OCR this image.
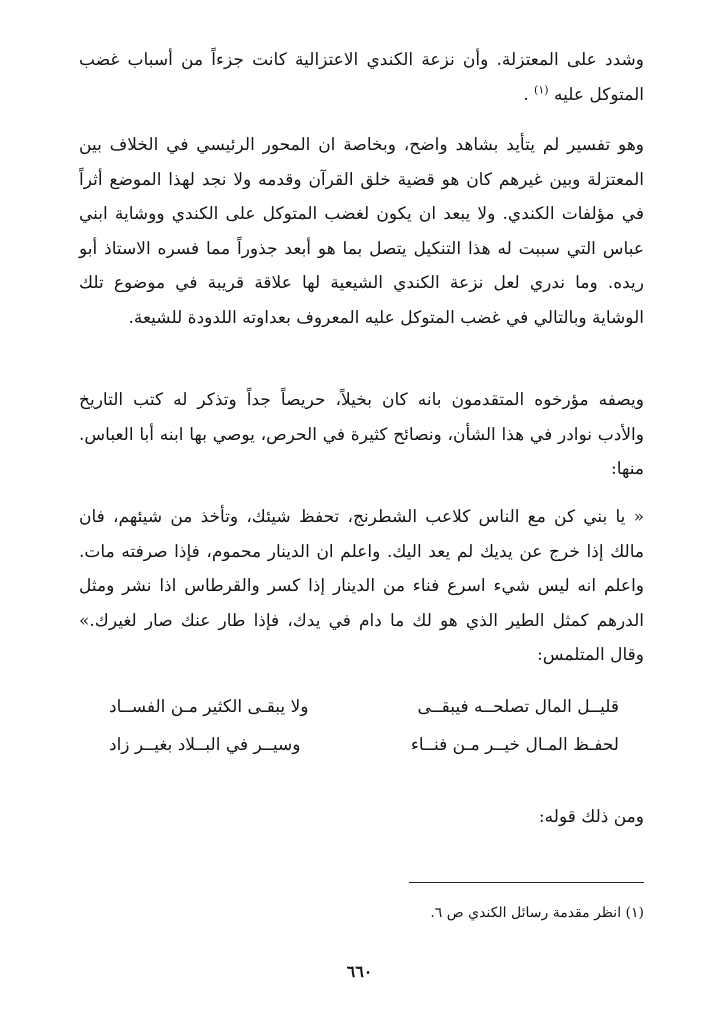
وشدد على المعتزلة. وأن نزعة الكندي الاعتزالية كانت جزءاً من أسباب غضب المتوكل عليه $^{(١)}$ .

وهو تفسير لم يتأيد بشاهد واضح، وبخاصة ان المحور الرئيسي في الخلاف بين المعتزلة وبين غيرهم كان هو قضية خلق القرآن وقدمه ولا نجد لهذا الموضع أثراً في مؤلفات الكندي. ولا يبعد ان يكون لغضب المتوكل على الكندي ووشاية ابني عباس التي سببت له هذا التنكيل يتصل بما هو أبعد جذوراً مما فسره الاستاذ أبو ريده. وما ندري لعل نزعة الكندي الشيعية لها علاقة قريبة في موضوع تلك الوشاية وبالتالي في غضب المتوكل عليه المعروف بعداوته اللدودة للشيعة.

ويصفه مؤرخوه المتقدمون بانه كان بخيلاً، حريصاً جداً وتذكر له كتب التاريخ والأدب نوادر في هذا الشأن، ونصائح كثيرة في الحرص، يوصي بها ابنه أبا العباس. منها:

« يا بني كن مع الناس كلاعب الشطرنج، تحفظ شيئك، وتأخذ من شيئهم، فان مالك إذا خرج عن يديك لم يعد اليك. واعلم ان الدينار محموم، فإذا صرفته مات. واعلم انه ليس شيء اسرع فناء من الدينار إذا كسر والقرطاس اذا نشر ومثل الدرهم كمثل الطير الذي هو لك ما دام في يدك، فإذا طار عنك صار لغيرك.» وقال المتلمس:

قليــل المال تصلحــه فيبقــى
ولا يبقـى الكثير مـن الفســاد
لحفـظ المـال خيــر مـن فنــاء
وسيــر في البــلاد بغيــر زاد

ومن ذلك قوله:

(١) انظر مقدمة رسائل الكندي ص ٦.
٦٦٠
